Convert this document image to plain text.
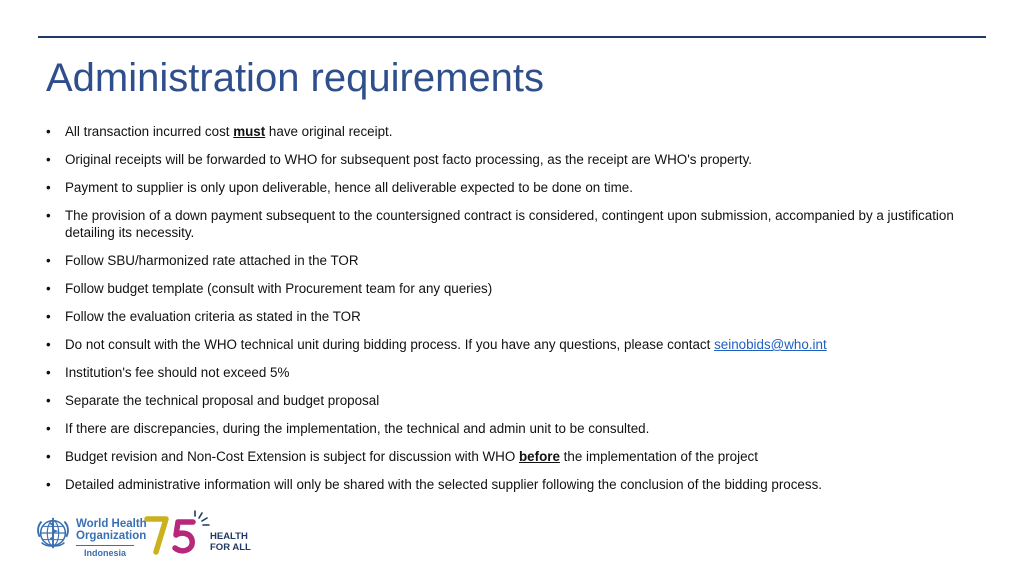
Administration requirements
• All transaction incurred cost must have original receipt.
• Original receipts will be forwarded to WHO for subsequent post facto processing, as the receipt are WHO's property.
• Payment to supplier is only upon deliverable, hence all deliverable expected to be done on time.
• The provision of a down payment subsequent to the countersigned contract is considered, contingent upon submission, accompanied by a justification detailing its necessity.
• Follow SBU/harmonized rate attached in the TOR
• Follow budget template (consult with Procurement team for any queries)
• Follow the evaluation criteria as stated in the TOR
• Do not consult with the WHO technical unit during bidding process. If you have any questions, please contact seinobids@who.int
• Institution's fee should not exceed 5%
• Separate the technical proposal and budget proposal
• If there are discrepancies, during the implementation, the technical and admin unit to be consulted.
• Budget revision and Non-Cost Extension is subject for discussion with WHO before the implementation of the project
• Detailed administrative information will only be shared with the selected supplier following the conclusion of the bidding process.
World Health
Organization
Indonesia
HEALTH
FOR ALL
